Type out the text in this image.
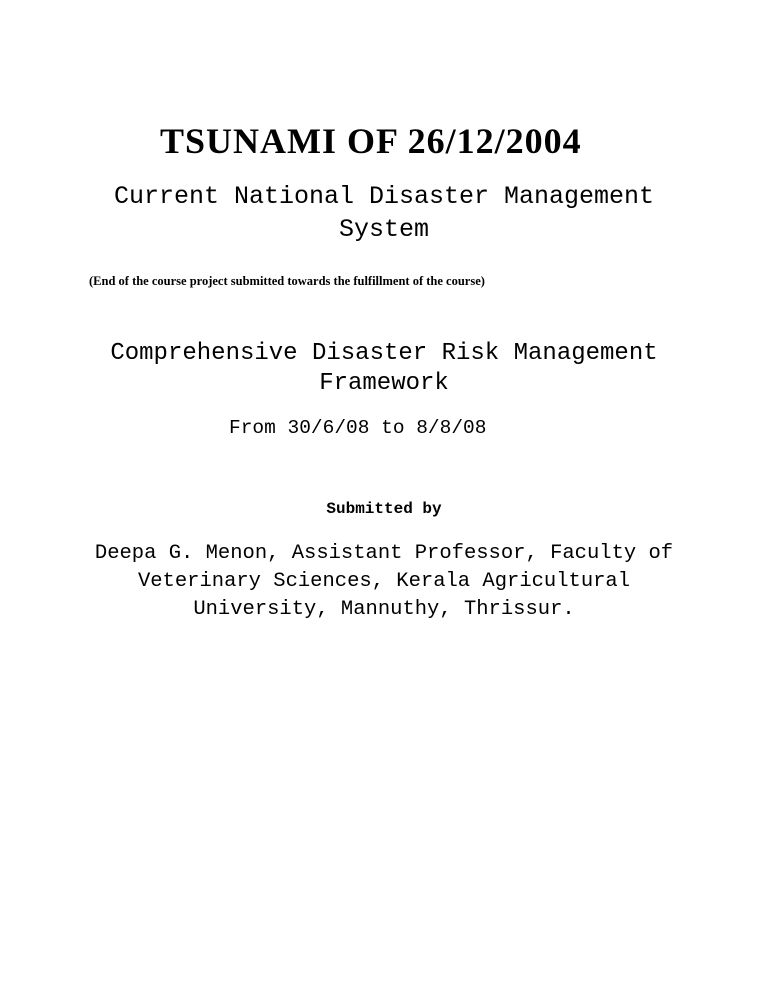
TSUNAMI OF 26/12/2004

Current National Disaster Management

System

(End of the course project submitted towards the fulfillment of the course)

Comprehensive Disaster Risk Management

Framework

From 30/6/08 to 8/8/08

Submitted by

Deepa G. Menon, Assistant Professor, Faculty of

Veterinary Sciences, Kerala Agricultural

University, Mannuthy, Thrissur.
